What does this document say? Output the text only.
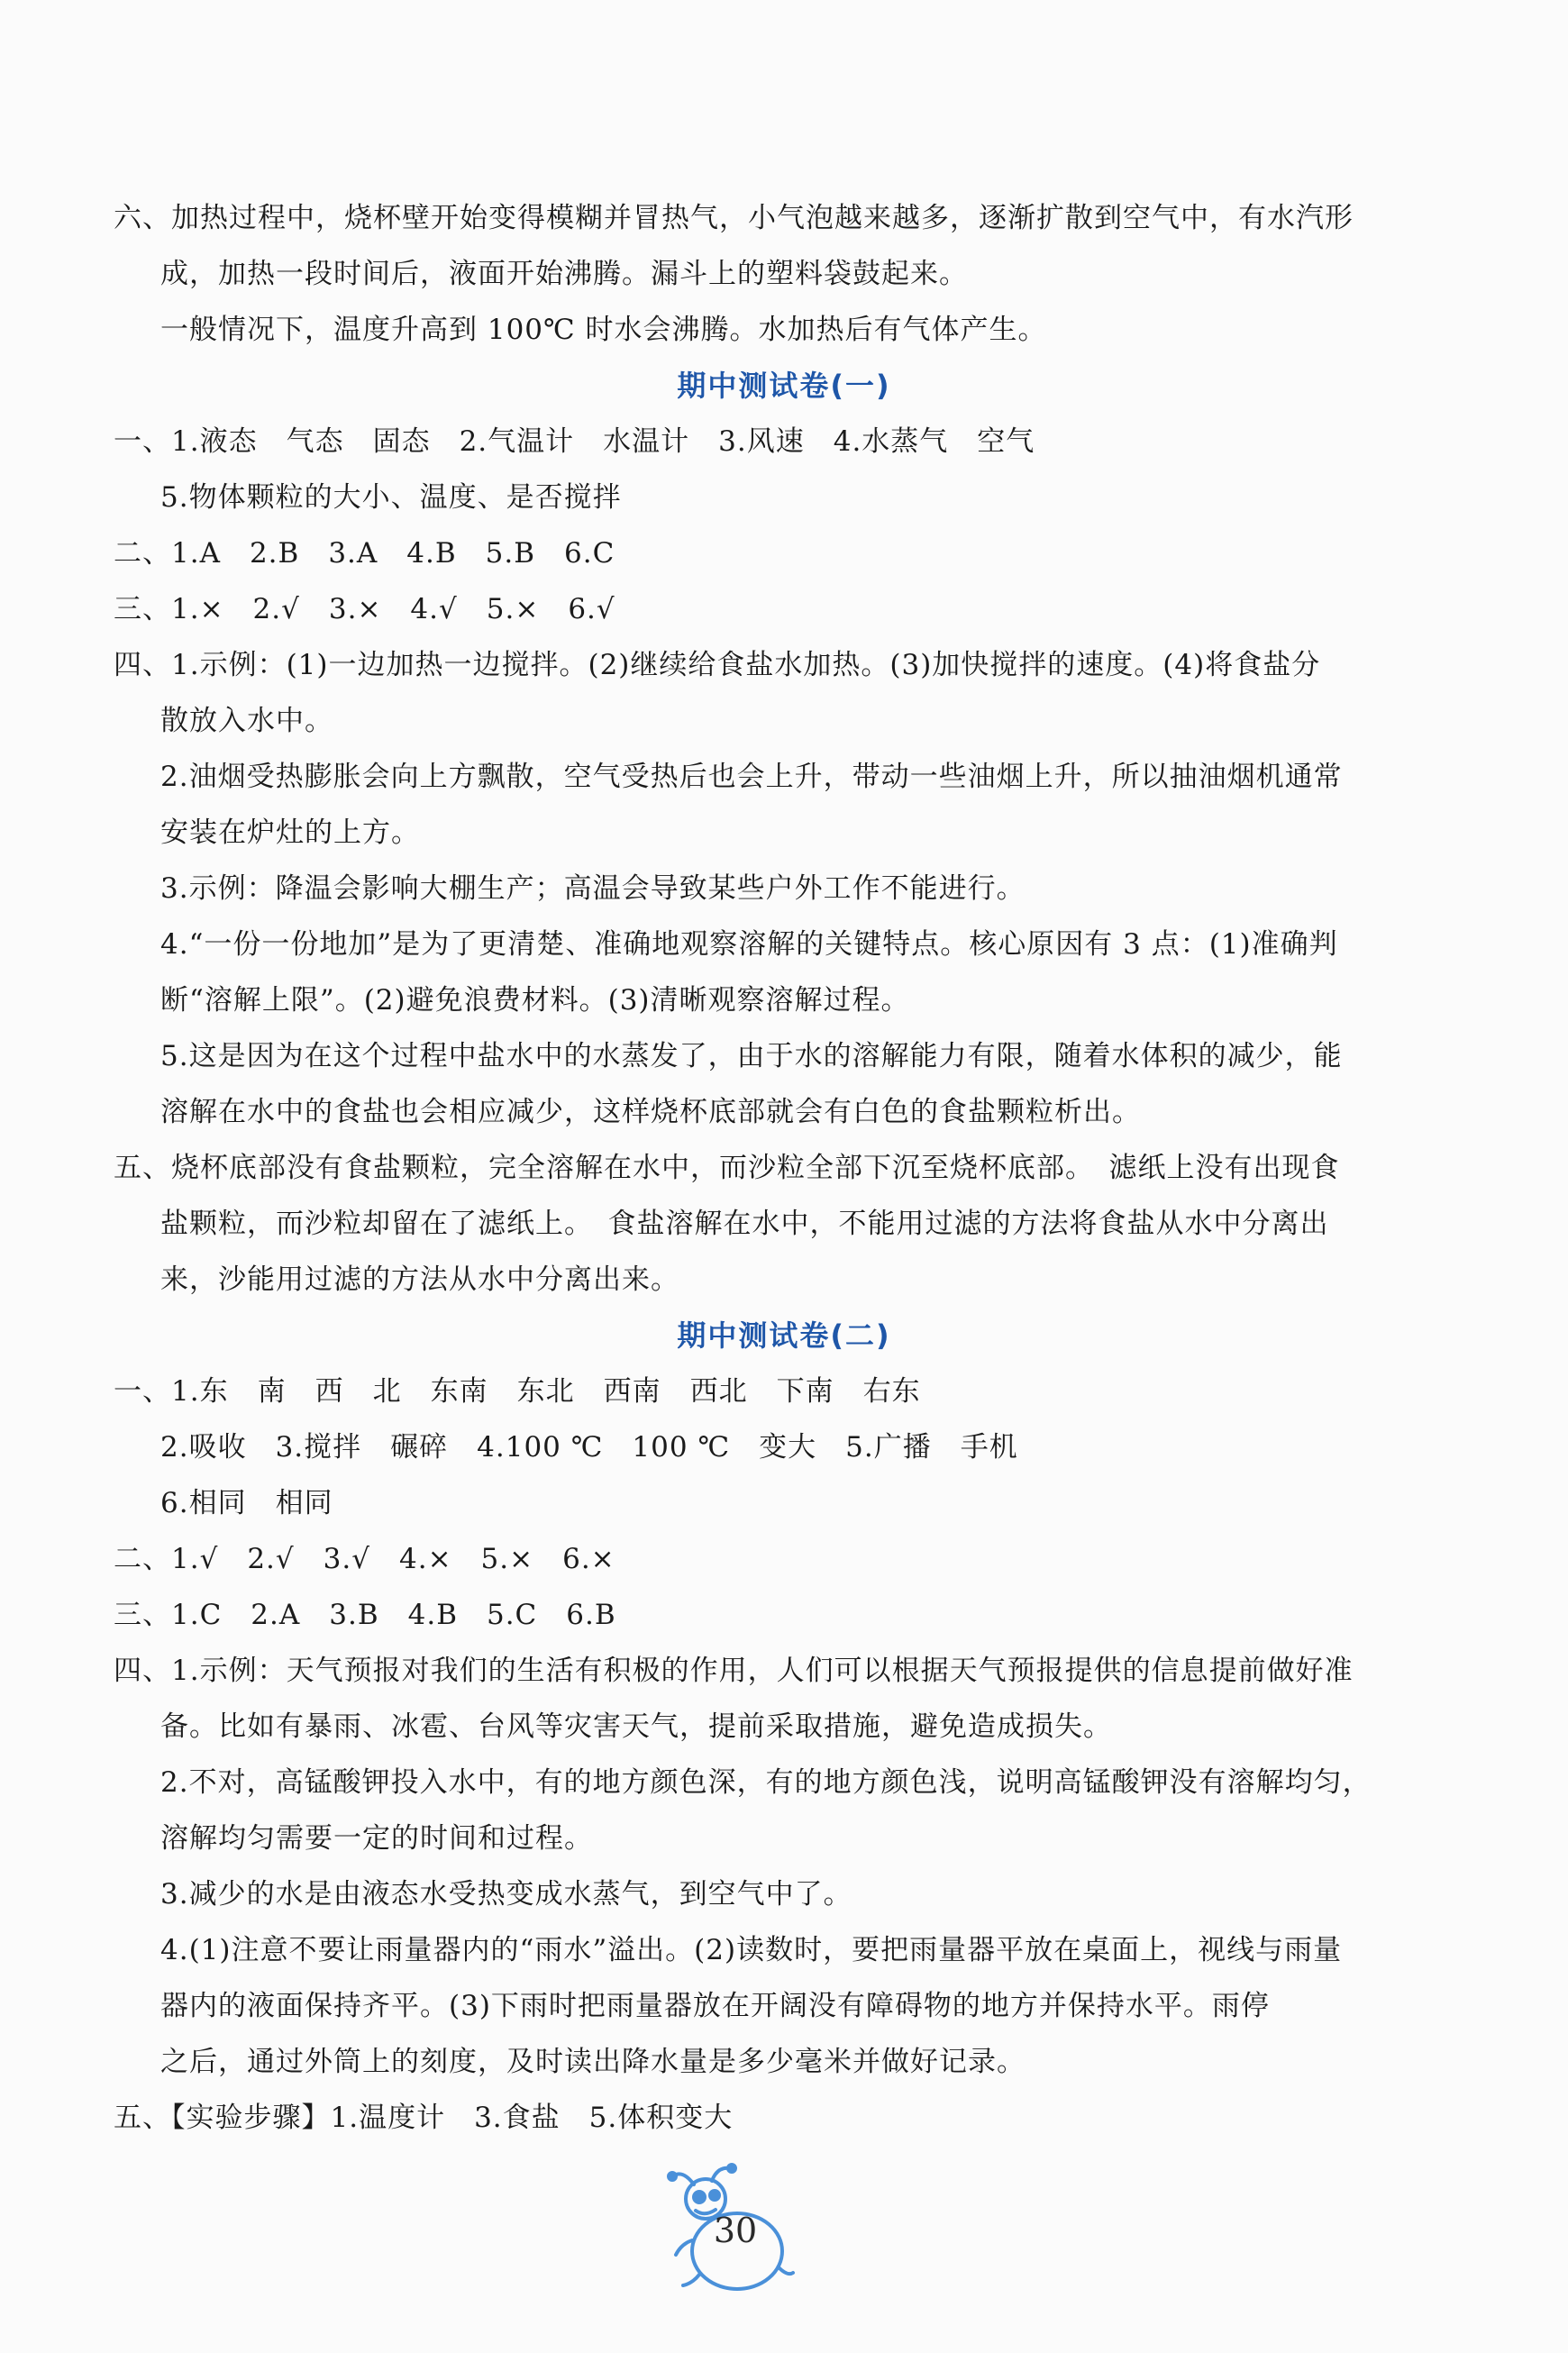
六、加热过程中，烧杯壁开始变得模糊并冒热气，小气泡越来越多，逐渐扩散到空气中，有水汽形
成，加热一段时间后，液面开始沸腾。漏斗上的塑料袋鼓起来。
一般情况下，温度升高到 100℃ 时水会沸腾。水加热后有气体产生。
期中测试卷(一)
一、1.液态　气态　固态　2.气温计　水温计　3.风速　4.水蒸气　空气
5.物体颗粒的大小、温度、是否搅拌
二、1.A　2.B　3.A　4.B　5.B　6.C
三、1.×　2.√　3.×　4.√　5.×　6.√
四、1.示例：(1)一边加热一边搅拌。(2)继续给食盐水加热。(3)加快搅拌的速度。(4)将食盐分
散放入水中。
2.油烟受热膨胀会向上方飘散，空气受热后也会上升，带动一些油烟上升，所以抽油烟机通常
安装在炉灶的上方。
3.示例：降温会影响大棚生产；高温会导致某些户外工作不能进行。
4.“一份一份地加”是为了更清楚、准确地观察溶解的关键特点。核心原因有 3 点：(1)准确判
断“溶解上限”。(2)避免浪费材料。(3)清晰观察溶解过程。
5.这是因为在这个过程中盐水中的水蒸发了，由于水的溶解能力有限，随着水体积的减少，能
溶解在水中的食盐也会相应减少，这样烧杯底部就会有白色的食盐颗粒析出。
五、烧杯底部没有食盐颗粒，完全溶解在水中，而沙粒全部下沉至烧杯底部。　滤纸上没有出现食
盐颗粒，而沙粒却留在了滤纸上。　食盐溶解在水中，不能用过滤的方法将食盐从水中分离出
来，沙能用过滤的方法从水中分离出来。
期中测试卷(二)
一、1.东　南　西　北　东南　东北　西南　西北　下南　右东
2.吸收　3.搅拌　碾碎　4.100 ℃　100 ℃　变大　5.广播　手机
6.相同　相同
二、1.√　2.√　3.√　4.×　5.×　6.×
三、1.C　2.A　3.B　4.B　5.C　6.B
四、1.示例：天气预报对我们的生活有积极的作用，人们可以根据天气预报提供的信息提前做好准
备。比如有暴雨、冰雹、台风等灾害天气，提前采取措施，避免造成损失。
2.不对，高锰酸钾投入水中，有的地方颜色深，有的地方颜色浅，说明高锰酸钾没有溶解均匀，
溶解均匀需要一定的时间和过程。
3.减少的水是由液态水受热变成水蒸气，到空气中了。
4.(1)注意不要让雨量器内的“雨水”溢出。(2)读数时，要把雨量器平放在桌面上，视线与雨量
器内的液面保持齐平。(3)下雨时把雨量器放在开阔没有障碍物的地方并保持水平。雨停
之后，通过外筒上的刻度，及时读出降水量是多少毫米并做好记录。
五、【实验步骤】1.温度计　3.食盐　5.体积变大
30
